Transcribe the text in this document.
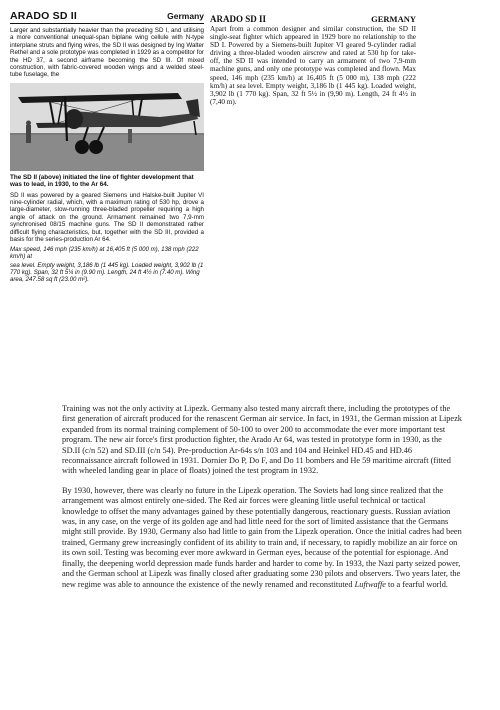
ARADO SD II	Germany

Larger and substantially heavier than the preceding SD I, and utilising a more conventional unequal-span biplane wing cellule with N-type interplane struts and flying wires, the SD II was designed by Ing Walter Rethel and a sole prototype was completed in 1929 as a competitor for the HD 37, a second airframe becoming the SD III. Of mixed construction, with fabric-covered wooden wings and a welded steel-tube fuselage, the

The SD II (above) initiated the line of fighter development that was to lead, in 1930, to the Ar 64.

SD II was powered by a geared Siemens und Halske-built Jupiter VI nine-cylinder radial, which, with a maximum rating of 530 hp, drove a large-diameter, slow-running three-bladed propeller requiring a high angle of attack on the ground. Armament remained two 7,9-mm synchronised 08/15 machine guns. The SD II demonstrated rather difficult flying characteristics, but, together with the SD III, provided a basis for the series-production Ar 64.

Max speed, 146 mph (235 km/h) at 16,405 ft (5 000 m), 138 mph (222 km/h) at

sea level. Empty weight, 3,186 lb (1 445 kg). Loaded weight, 3,902 lb (1 770 kg). Span, 32 ft 5¼ in (9.90 m). Length, 24 ft 4½ in (7.40 m). Wing area, 247.58 sq ft (23.00 m²).

ARADO SD II	GERMANY

Apart from a common designer and similar construction, the SD II single-seat fighter which appeared in 1929 bore no relationship to the SD I. Powered by a Siemens-built Jupiter VI geared 9-cylinder radial driving a three-bladed wooden airscrew and rated at 530 hp for take-off, the SD II was intended to carry an armament of two 7,9-mm machine guns, and only one prototype was completed and flown. Max speed, 146 mph (235 km/h) at 16,405 ft (5 000 m), 138 mph (222 km/h) at sea level. Empty weight, 3,186 lb (1 445 kg). Loaded weight, 3,902 lb (1 770 kg). Span, 32 ft 5½ in (9,90 m). Length, 24 ft 4½ in (7,40 m).

Training was not the only activity at Lipezk. Germany also tested many aircraft there, including the prototypes of the first generation of aircraft produced for the renascent German air service. In fact, in 1931, the German mission at Lipezk expanded from its normal training complement of 50-100 to over 200 to accommodate the ever more important test program. The new air force's first production fighter, the Arado Ar 64, was tested in prototype form in 1930, as the SD.II (c/n 52) and SD.III (c/n 54). Pre-production Ar-64s s/n 103 and 104 and Heinkel HD.45 and HD.46 reconnaissance aircraft followed in 1931. Dornier Do P, Do F, and Do 11 bombers and He 59 maritime aircraft (fitted with wheeled landing gear in place of floats) joined the test program in 1932.

By 1930, however, there was clearly no future in the Lipezk operation. The Soviets had long since realized that the arrangement was almost entirely one-sided. The Red air forces were gleaning little useful technical or tactical knowledge to offset the many advantages gained by these potentially dangerous, reactionary guests. Russian aviation was, in any case, on the verge of its golden age and had little need for the sort of limited assistance that the Germans might still provide. By 1930, Germany also had little to gain from the Lipezk operation. Once the initial cadres had been trained, Germany grew increasingly confident of its ability to train and, if necessary, to rapidly mobilize an air force on its own soil. Testing was becoming ever more awkward in German eyes, because of the potential for espionage. And finally, the deepening world depression made funds harder and harder to come by. In 1933, the Nazi party seized power, and the German school at Lipezk was finally closed after graduating some 230 pilots and observers. Two years later, the new regime was able to announce the existence of the newly renamed and reconstituted Luftwaffe to a fearful world.
